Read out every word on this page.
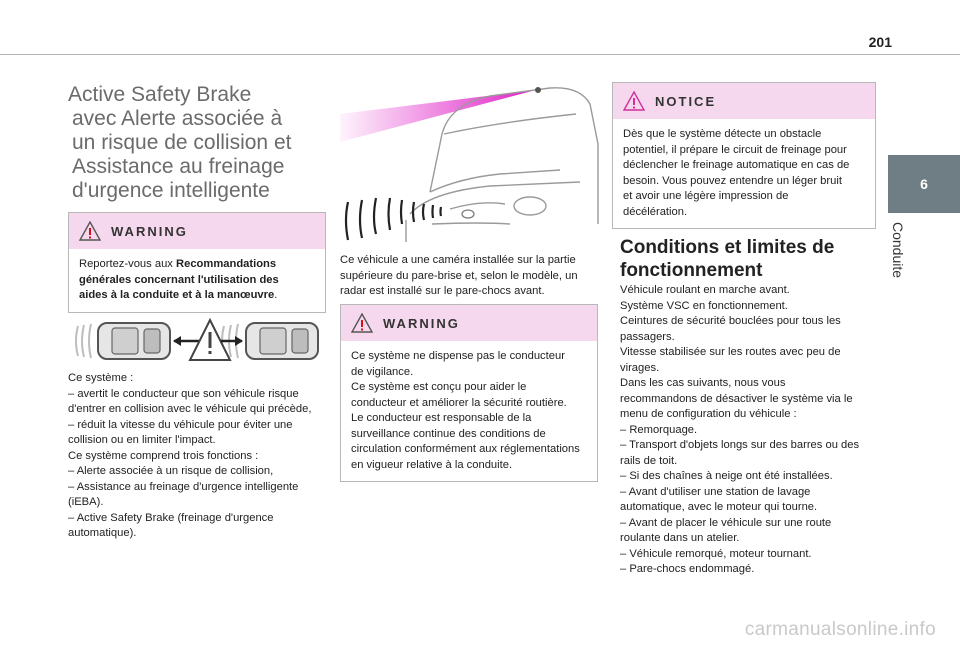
201
6
Conduite
Active Safety Brake
avec Alerte associée à
un risque de collision et
Assistance au freinage
d'urgence intelligente
WARNING
Reportez-vous aux Recommandations
générales concernant l'utilisation des
aides à la conduite et à la manœuvre.
Ce système :
– avertit le conducteur que son véhicule risque
d'entrer en collision avec le véhicule qui précède,
– réduit la vitesse du véhicule pour éviter une
collision ou en limiter l'impact.
Ce système comprend trois fonctions :
– Alerte associée à un risque de collision,
– Assistance au freinage d'urgence intelligente
(iEBA).
– Active Safety Brake (freinage d'urgence
automatique).
Ce véhicule a une caméra installée sur la partie
supérieure du pare-brise et, selon le modèle, un
radar est installé sur le pare-chocs avant.
WARNING
Ce système ne dispense pas le conducteur
de vigilance.
Ce système est conçu pour aider le
conducteur et améliorer la sécurité routière.
Le conducteur est responsable de la
surveillance continue des conditions de
circulation conformément aux réglementations
en vigueur relative à la conduite.
NOTICE
Dès que le système détecte un obstacle
potentiel, il prépare le circuit de freinage pour
déclencher le freinage automatique en cas de
besoin. Vous pouvez entendre un léger bruit
et avoir une légère impression de
décélération.
Conditions et limites de
fonctionnement
Véhicule roulant en marche avant.
Système VSC en fonctionnement.
Ceintures de sécurité bouclées pour tous les
passagers.
Vitesse stabilisée sur les routes avec peu de
virages.
Dans les cas suivants, nous vous
recommandons de désactiver le système via le
menu de configuration du véhicule :
– Remorquage.
– Transport d'objets longs sur des barres ou des
rails de toit.
– Si des chaînes à neige ont été installées.
– Avant d'utiliser une station de lavage
automatique, avec le moteur qui tourne.
– Avant de placer le véhicule sur une route
roulante dans un atelier.
– Véhicule remorqué, moteur tournant.
– Pare-chocs endommagé.
carmanualsonline.info
